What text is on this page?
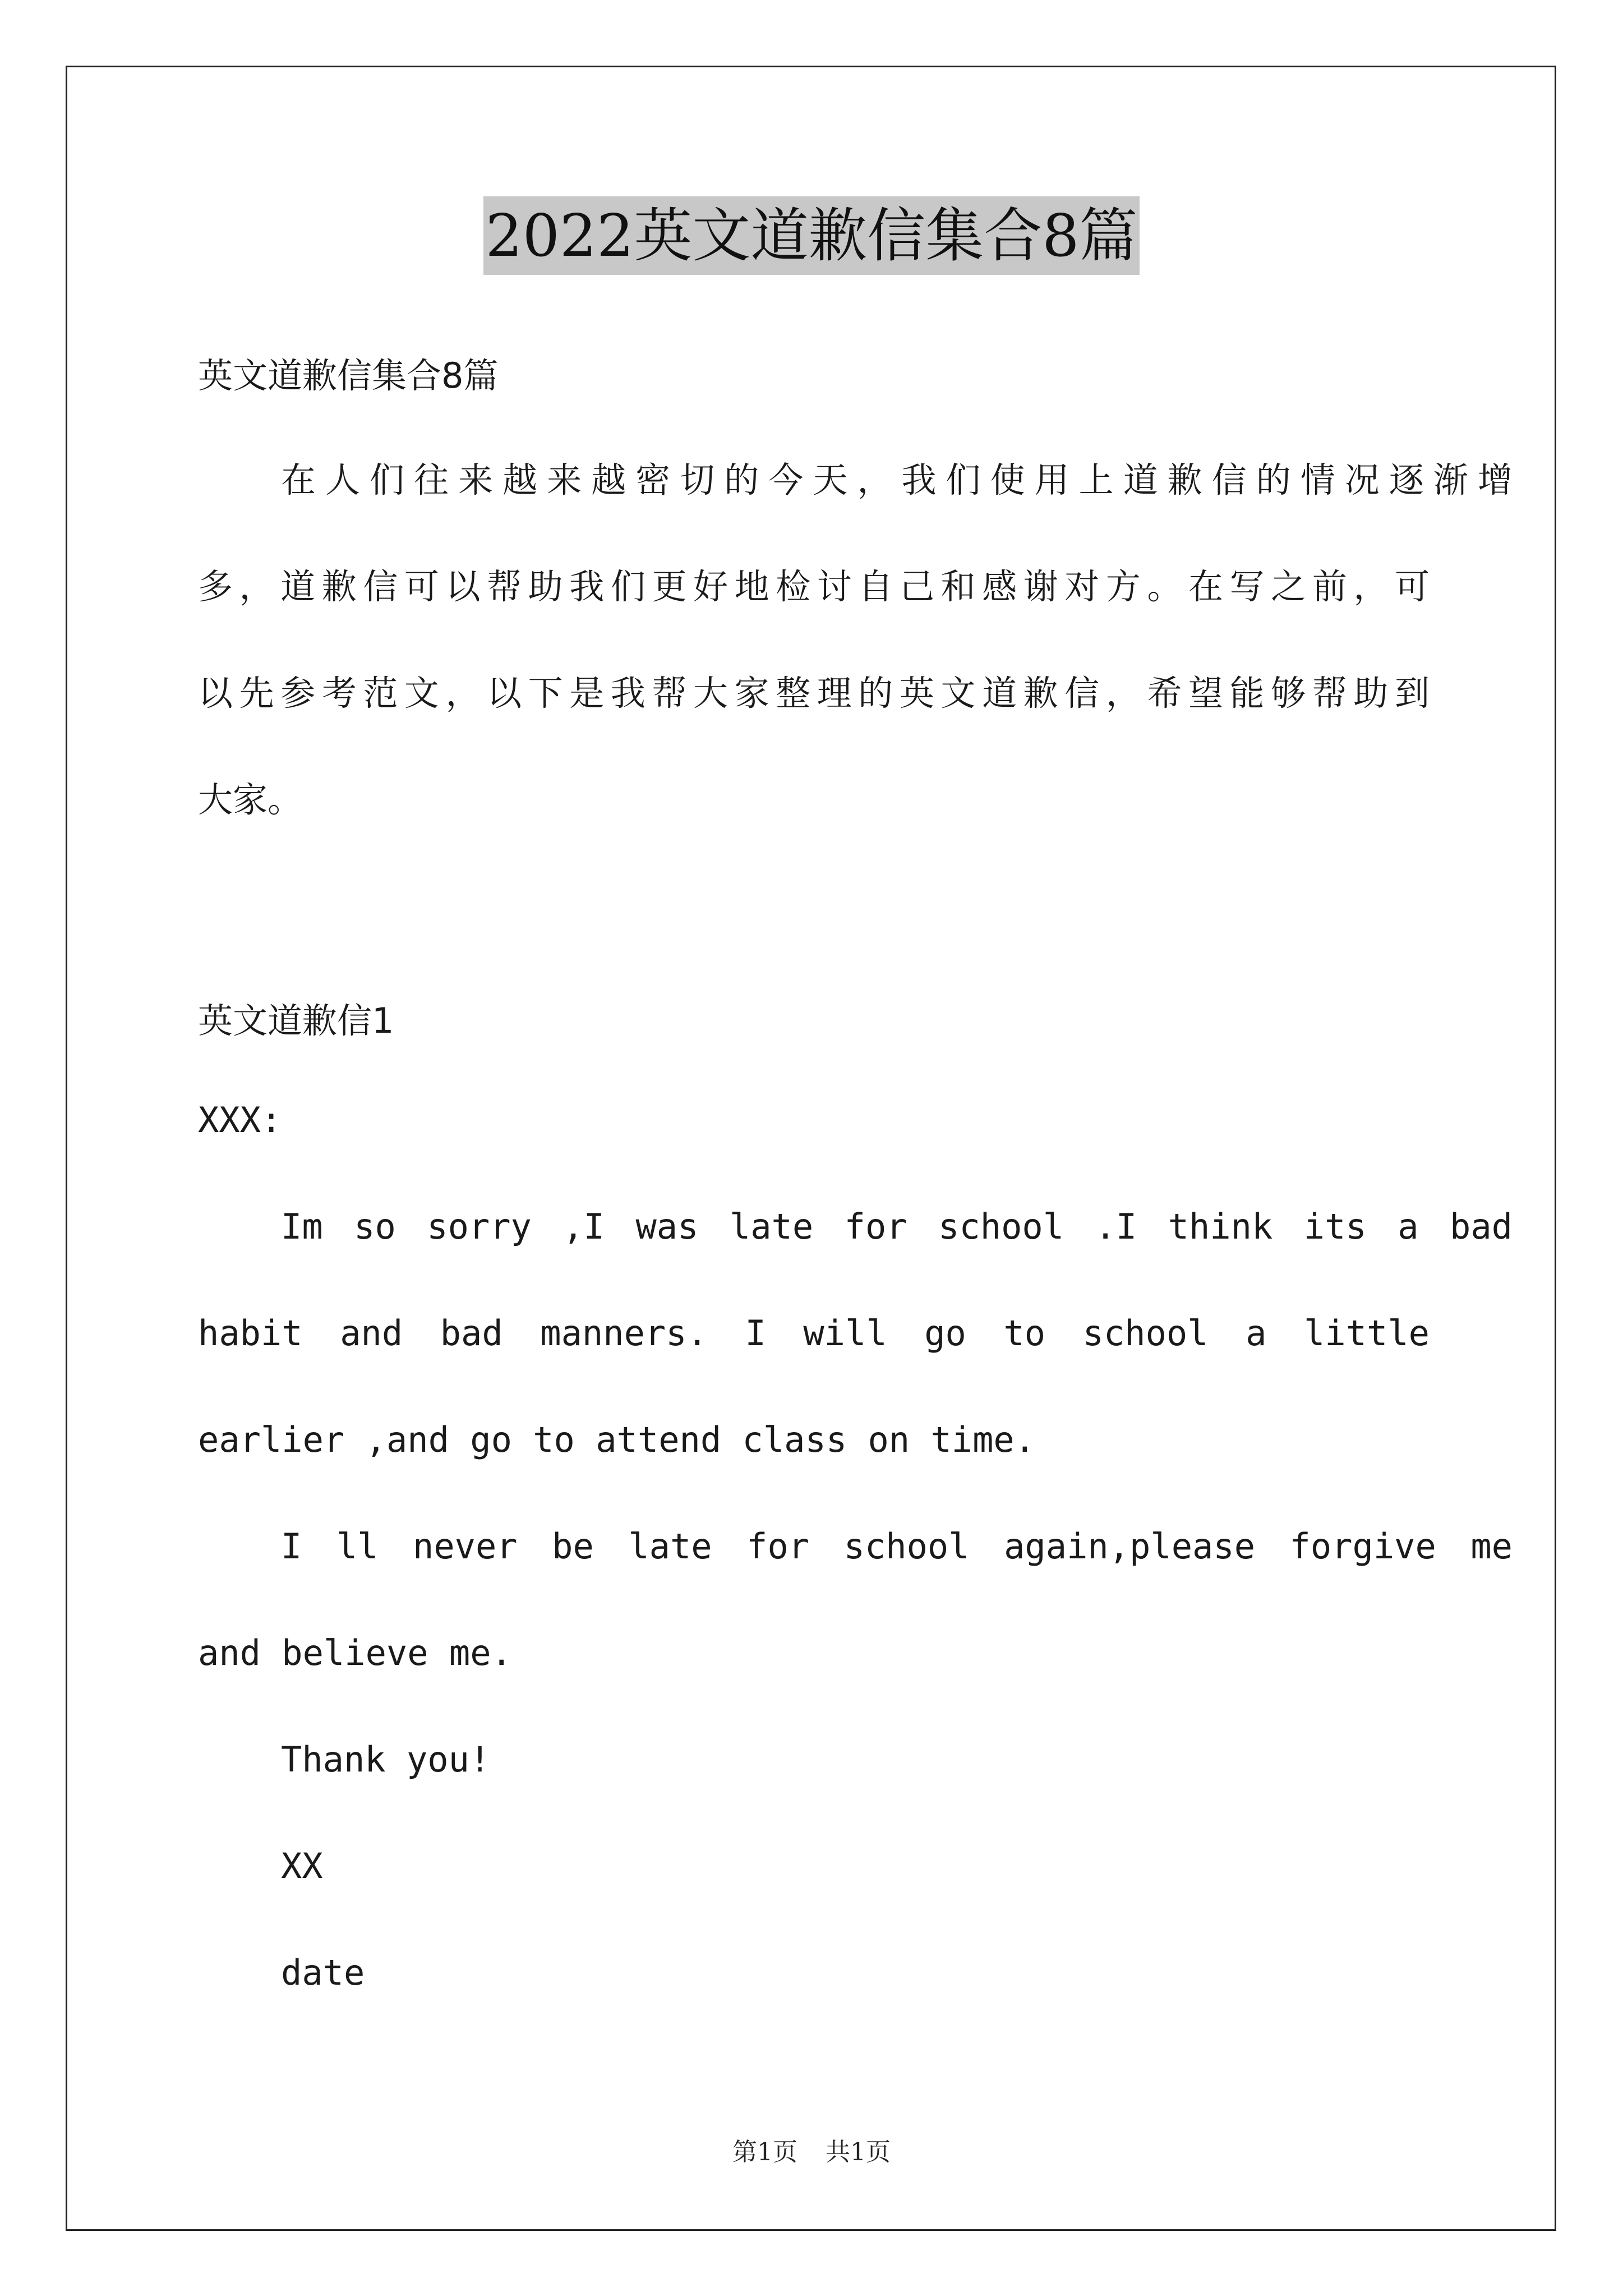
2022英文道歉信集合8篇
英文道歉信集合8篇
在人们往来越来越密切的今天，我们使用上道歉信的情况逐渐增
多，道歉信可以帮助我们更好地检讨自己和感谢对方。在写之前，可
以先参考范文，以下是我帮大家整理的英文道歉信，希望能够帮助到
大家。
英文道歉信1
XXX:
Im so sorry ,I was late for school .I think its a bad
habit and bad manners. I will go to school a little
earlier ,and go to attend class on time.
I ll never be late for school again,please forgive me
and believe me.
Thank you!
XX
date
第1页 共1页
